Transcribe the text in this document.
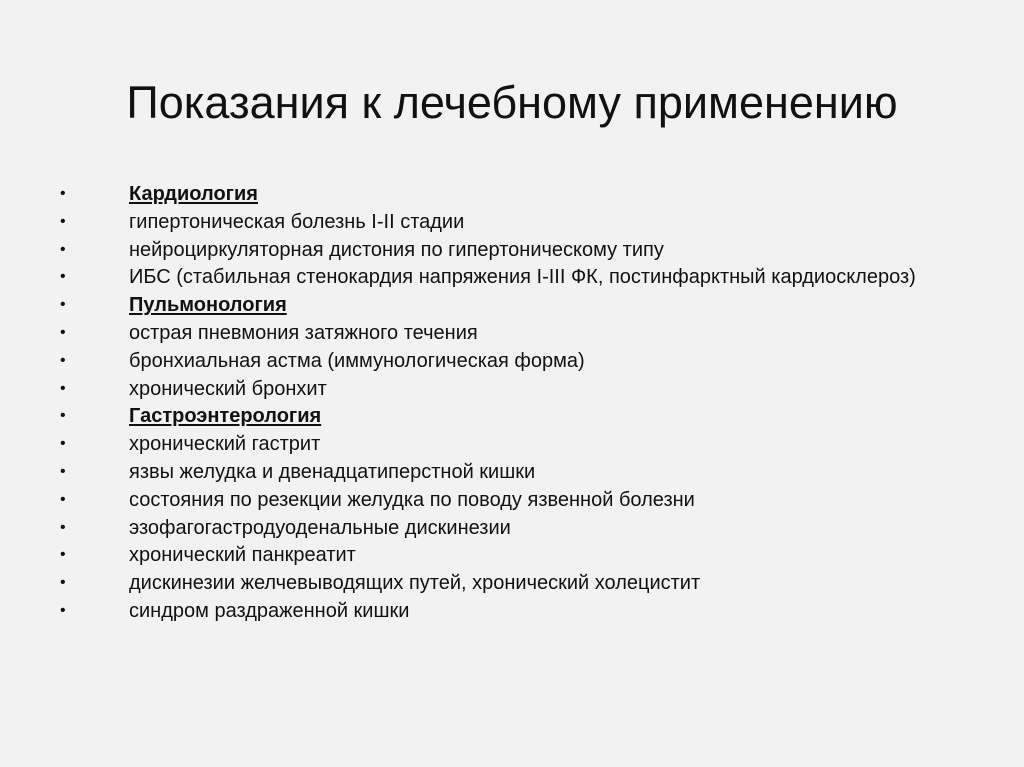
Показания к лечебному применению
•	Кардиология
•	гипертоническая болезнь I-II стадии
•	нейроциркуляторная дистония по гипертоническому типу
•	ИБС (стабильная стенокардия напряжения I-III ФК, постинфарктный кардиосклероз)
•	Пульмонология
•	острая пневмония затяжного течения
•	бронхиальная астма (иммунологическая форма)
•	хронический бронхит
•	Гастроэнтерология
•	хронический гастрит
•	язвы желудка и двенадцатиперстной кишки
•	состояния по резекции желудка по поводу язвенной болезни
•	эзофагогастродуоденальные дискинезии
•	хронический панкреатит
•	дискинезии желчевыводящих путей, хронический холецистит
•	синдром раздраженной кишки
